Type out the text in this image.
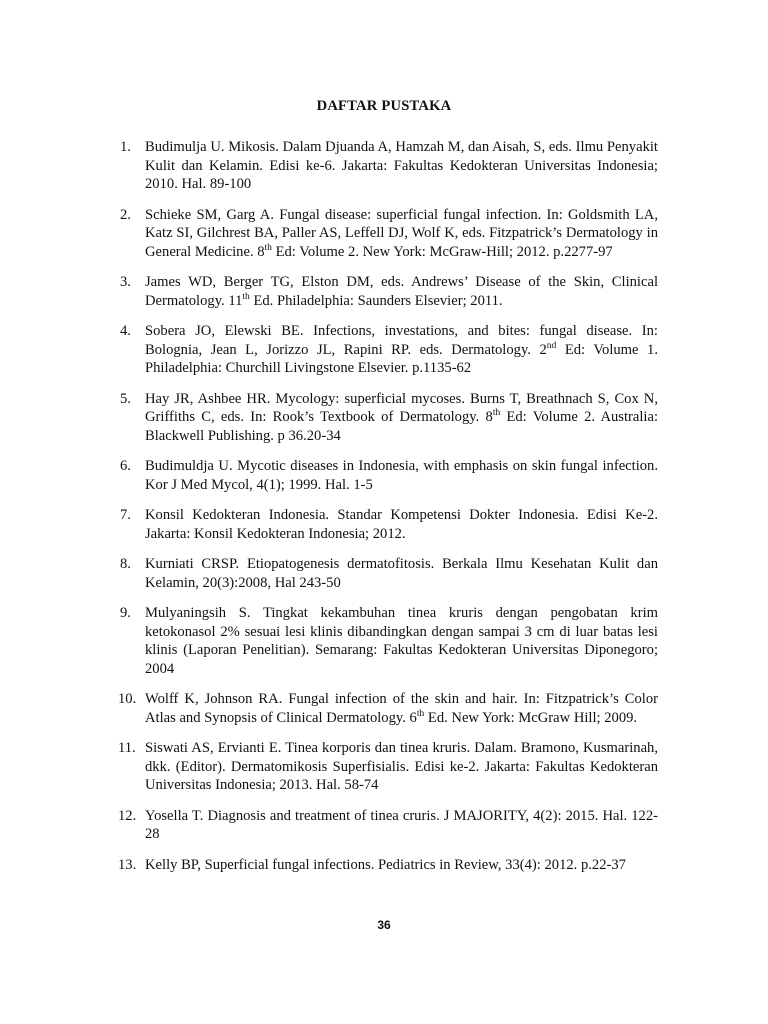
DAFTAR PUSTAKA
1. Budimulja U. Mikosis. Dalam Djuanda A, Hamzah M, dan Aisah, S, eds. Ilmu Penyakit Kulit dan Kelamin. Edisi ke-6. Jakarta: Fakultas Kedokteran Universitas Indonesia; 2010. Hal. 89-100
2. Schieke SM, Garg A. Fungal disease: superficial fungal infection. In: Goldsmith LA, Katz SI, Gilchrest BA, Paller AS, Leffell DJ, Wolf K, eds. Fitzpatrick’s Dermatology in General Medicine. 8th Ed: Volume 2. New York: McGraw-Hill; 2012. p.2277-97
3. James WD, Berger TG, Elston DM, eds. Andrews’ Disease of the Skin, Clinical Dermatology. 11th Ed. Philadelphia: Saunders Elsevier; 2011.
4. Sobera JO, Elewski BE. Infections, investations, and bites: fungal disease. In: Bolognia, Jean L, Jorizzo JL, Rapini RP. eds. Dermatology. 2nd Ed: Volume 1. Philadelphia: Churchill Livingstone Elsevier. p.1135-62
5. Hay JR, Ashbee HR. Mycology: superficial mycoses. Burns T, Breathnach S, Cox N, Griffiths C, eds. In: Rook’s Textbook of Dermatology. 8th Ed: Volume 2. Australia: Blackwell Publishing. p 36.20-34
6. Budimuldja U. Mycotic diseases in Indonesia, with emphasis on skin fungal infection. Kor J Med Mycol, 4(1); 1999. Hal. 1-5
7. Konsil Kedokteran Indonesia. Standar Kompetensi Dokter Indonesia. Edisi Ke-2. Jakarta: Konsil Kedokteran Indonesia; 2012.
8. Kurniati CRSP. Etiopatogenesis dermatofitosis. Berkala Ilmu Kesehatan Kulit dan Kelamin, 20(3):2008, Hal 243-50
9. Mulyaningsih S. Tingkat kekambuhan tinea kruris dengan pengobatan krim ketokonasol 2% sesuai lesi klinis dibandingkan dengan sampai 3 cm di luar batas lesi klinis (Laporan Penelitian). Semarang: Fakultas Kedokteran Universitas Diponegoro; 2004
10. Wolff K, Johnson RA. Fungal infection of the skin and hair. In: Fitzpatrick’s Color Atlas and Synopsis of Clinical Dermatology. 6th Ed. New York: McGraw Hill; 2009.
11. Siswati AS, Ervianti E. Tinea korporis dan tinea kruris. Dalam. Bramono, Kusmarinah, dkk. (Editor). Dermatomikosis Superfisialis. Edisi ke-2. Jakarta: Fakultas Kedokteran Universitas Indonesia; 2013. Hal. 58-74
12. Yosella T. Diagnosis and treatment of tinea cruris. J MAJORITY, 4(2): 2015. Hal. 122-28
13. Kelly BP, Superficial fungal infections. Pediatrics in Review, 33(4): 2012. p.22-37
36
